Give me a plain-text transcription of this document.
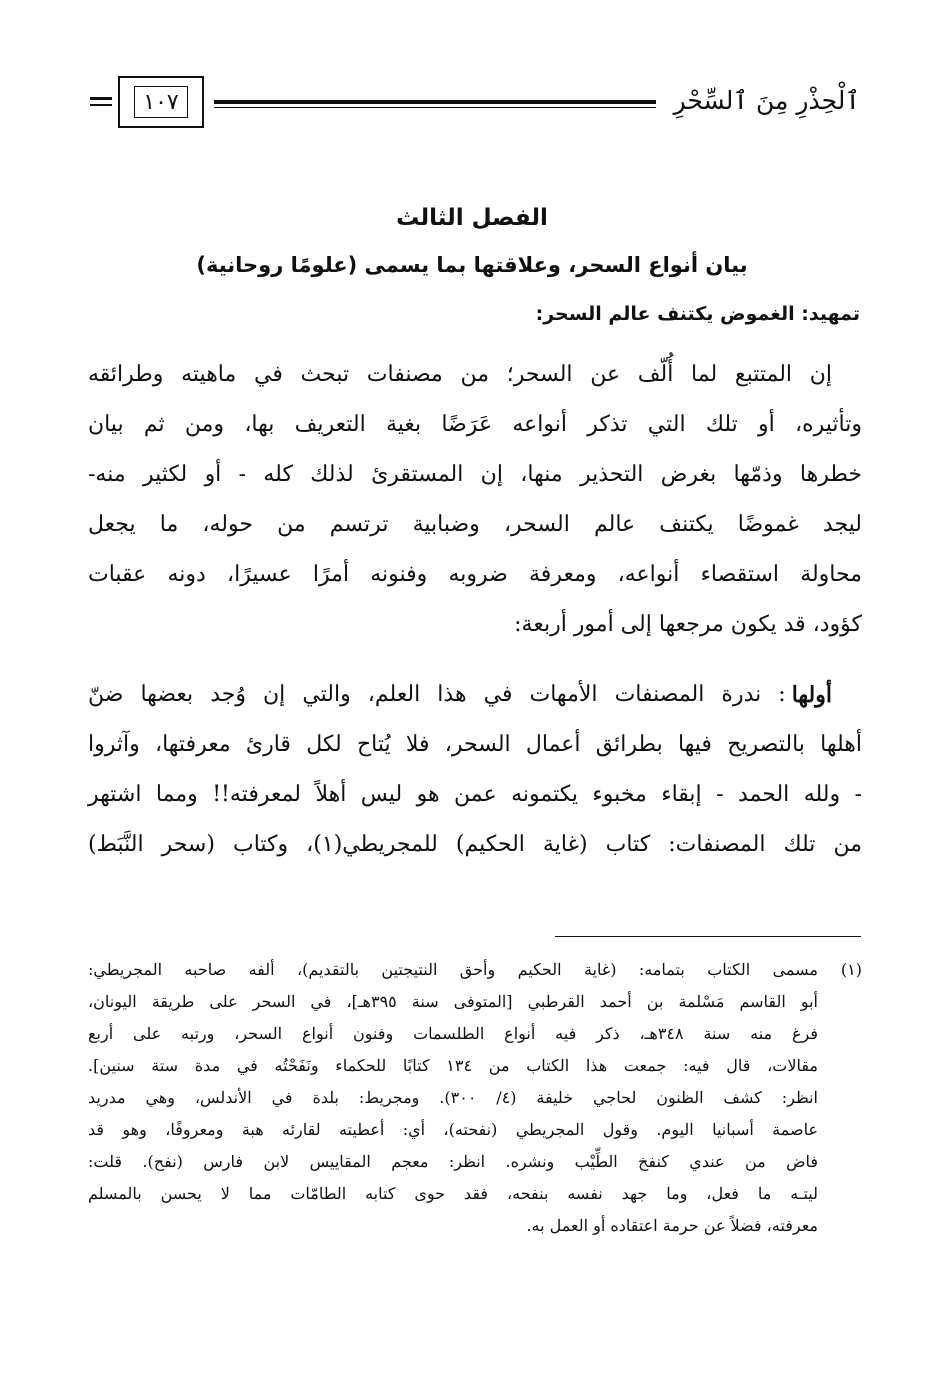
ٱلْحِذْرِ مِنَ ٱلسِّحْرِ
١٠٧
الفصل الثالث
بيان أنواع السحر، وعلاقتها بما يسمى (علومًا روحانية)
تمهيد: الغموض يكتنف عالم السحر:
إن المتتبع لما أُلّف عن السحر؛ من مصنفات تبحث في ماهيته وطرائقه
وتأثيره، أو تلك التي تذكر أنواعه عَرَضًا بغية التعريف بها، ومن ثم بيان
خطرها وذمّها بغرض التحذير منها، إن المستقرئ لذلك كله - أو لكثير منه-
ليجد غموضًا يكتنف عالم السحر، وضبابية ترتسم من حوله، ما يجعل
محاولة استقصاء أنواعه، ومعرفة ضروبه وفنونه أمرًا عسيرًا، دونه عقبات
كؤود، قد يكون مرجعها إلى أمور أربعة:
أولها
: ندرة المصنفات الأمهات في هذا العلم، والتي إن وُجد بعضها ضنّ
أهلها بالتصريح فيها بطرائق أعمال السحر، فلا يُتاح لكل قارئ معرفتها، وآثروا
- ولله الحمد - إبقاء مخبوء يكتمونه عمن هو ليس أهلاً لمعرفته!! ومما اشتهر
من تلك المصنفات: كتاب (غاية الحكيم) للمجريطي(١)، وكتاب (سحر النَّبَط)
(١)
مسمى الكتاب بتمامه: (غاية الحكيم وأحق النتيجتين بالتقديم)، ألفه صاحبه المجريطي:
أبو القاسم مَسْلمة بن أحمد القرطبي [المتوفى سنة ٣٩٥هـ]، في السحر على طريقة اليونان،
فرغ منه سنة ٣٤٨هـ، ذكر فيه أنواع الطلسمات وفنون أنواع السحر، ورتبه على أربع
مقالات، قال فيه: جمعت هذا الكتاب من ١٣٤ كتابًا للحكماء ونَفَحْتُه في مدة ستة سنين].
انظر: كشف الظنون لحاجي خليفة (٤/ ٣٠٠). ومجريط: بلدة في الأندلس، وهي مدريد
عاصمة أسبانيا اليوم. وقول المجريطي (نفحته)، أي: أعطيته لقارئه هبة ومعروفًا، وهو قد
فاض من عندي كنفخ الطِّيْب ونشره. انظر: معجم المقاييس لابن فارس (نفح). قلت:
ليتـه ما فعل، وما جهد نفسه بنفحه، فقد حوى كتابه الطامّات مما لا يحسن بالمسلم
معرفته، فضلاً عن حرمة اعتقاده أو العمل به.
